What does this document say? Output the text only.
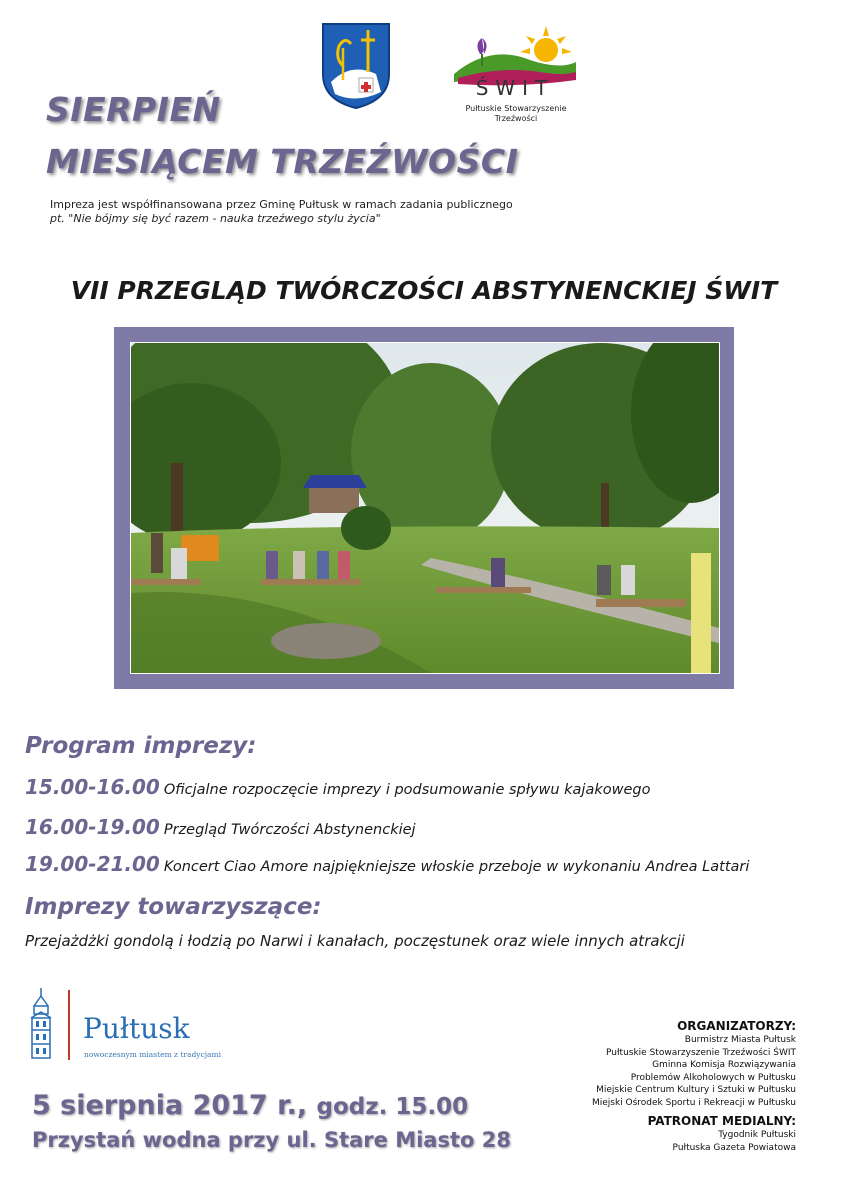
ŚWIT
Pułtuskie Stowarzyszenie
Trzeźwości
SIERPIEŃ
MIESIĄCEM TRZEŹWOŚCI
Impreza jest współfinansowana przez Gminę Pułtusk w ramach zadania publicznego
pt. "Nie bójmy się być razem - nauka trzeźwego stylu życia"
VII PRZEGLĄD TWÓRCZOŚCI ABSTYNENCKIEJ ŚWIT
Program imprezy:
15.00-16.00 Oficjalne rozpoczęcie imprezy i podsumowanie spływu kajakowego
16.00-19.00 Przegląd Twórczości Abstynenckiej
19.00-21.00 Koncert Ciao Amore najpiękniejsze włoskie przeboje w wykonaniu Andrea Lattari
Imprezy towarzyszące:
Przejażdżki gondolą i łodzią po Narwi i kanałach, poczęstunek oraz wiele innych atrakcji
Pułtusk
nowoczesnym miastem z tradycjami
5 sierpnia 2017 r., godz. 15.00
Przystań wodna przy ul. Stare Miasto 28
ORGANIZATORZY:
Burmistrz Miasta Pułtusk
Pułtuskie Stowarzyszenie Trzeźwości ŚWIT
Gminna Komisja Rozwiązywania
Problemów Alkoholowych w Pułtusku
Miejskie Centrum Kultury i Sztuki w Pułtusku
Miejski Ośrodek Sportu i Rekreacji w Pułtusku
PATRONAT MEDIALNY:
Tygodnik Pułtuski
Pułtuska Gazeta Powiatowa
